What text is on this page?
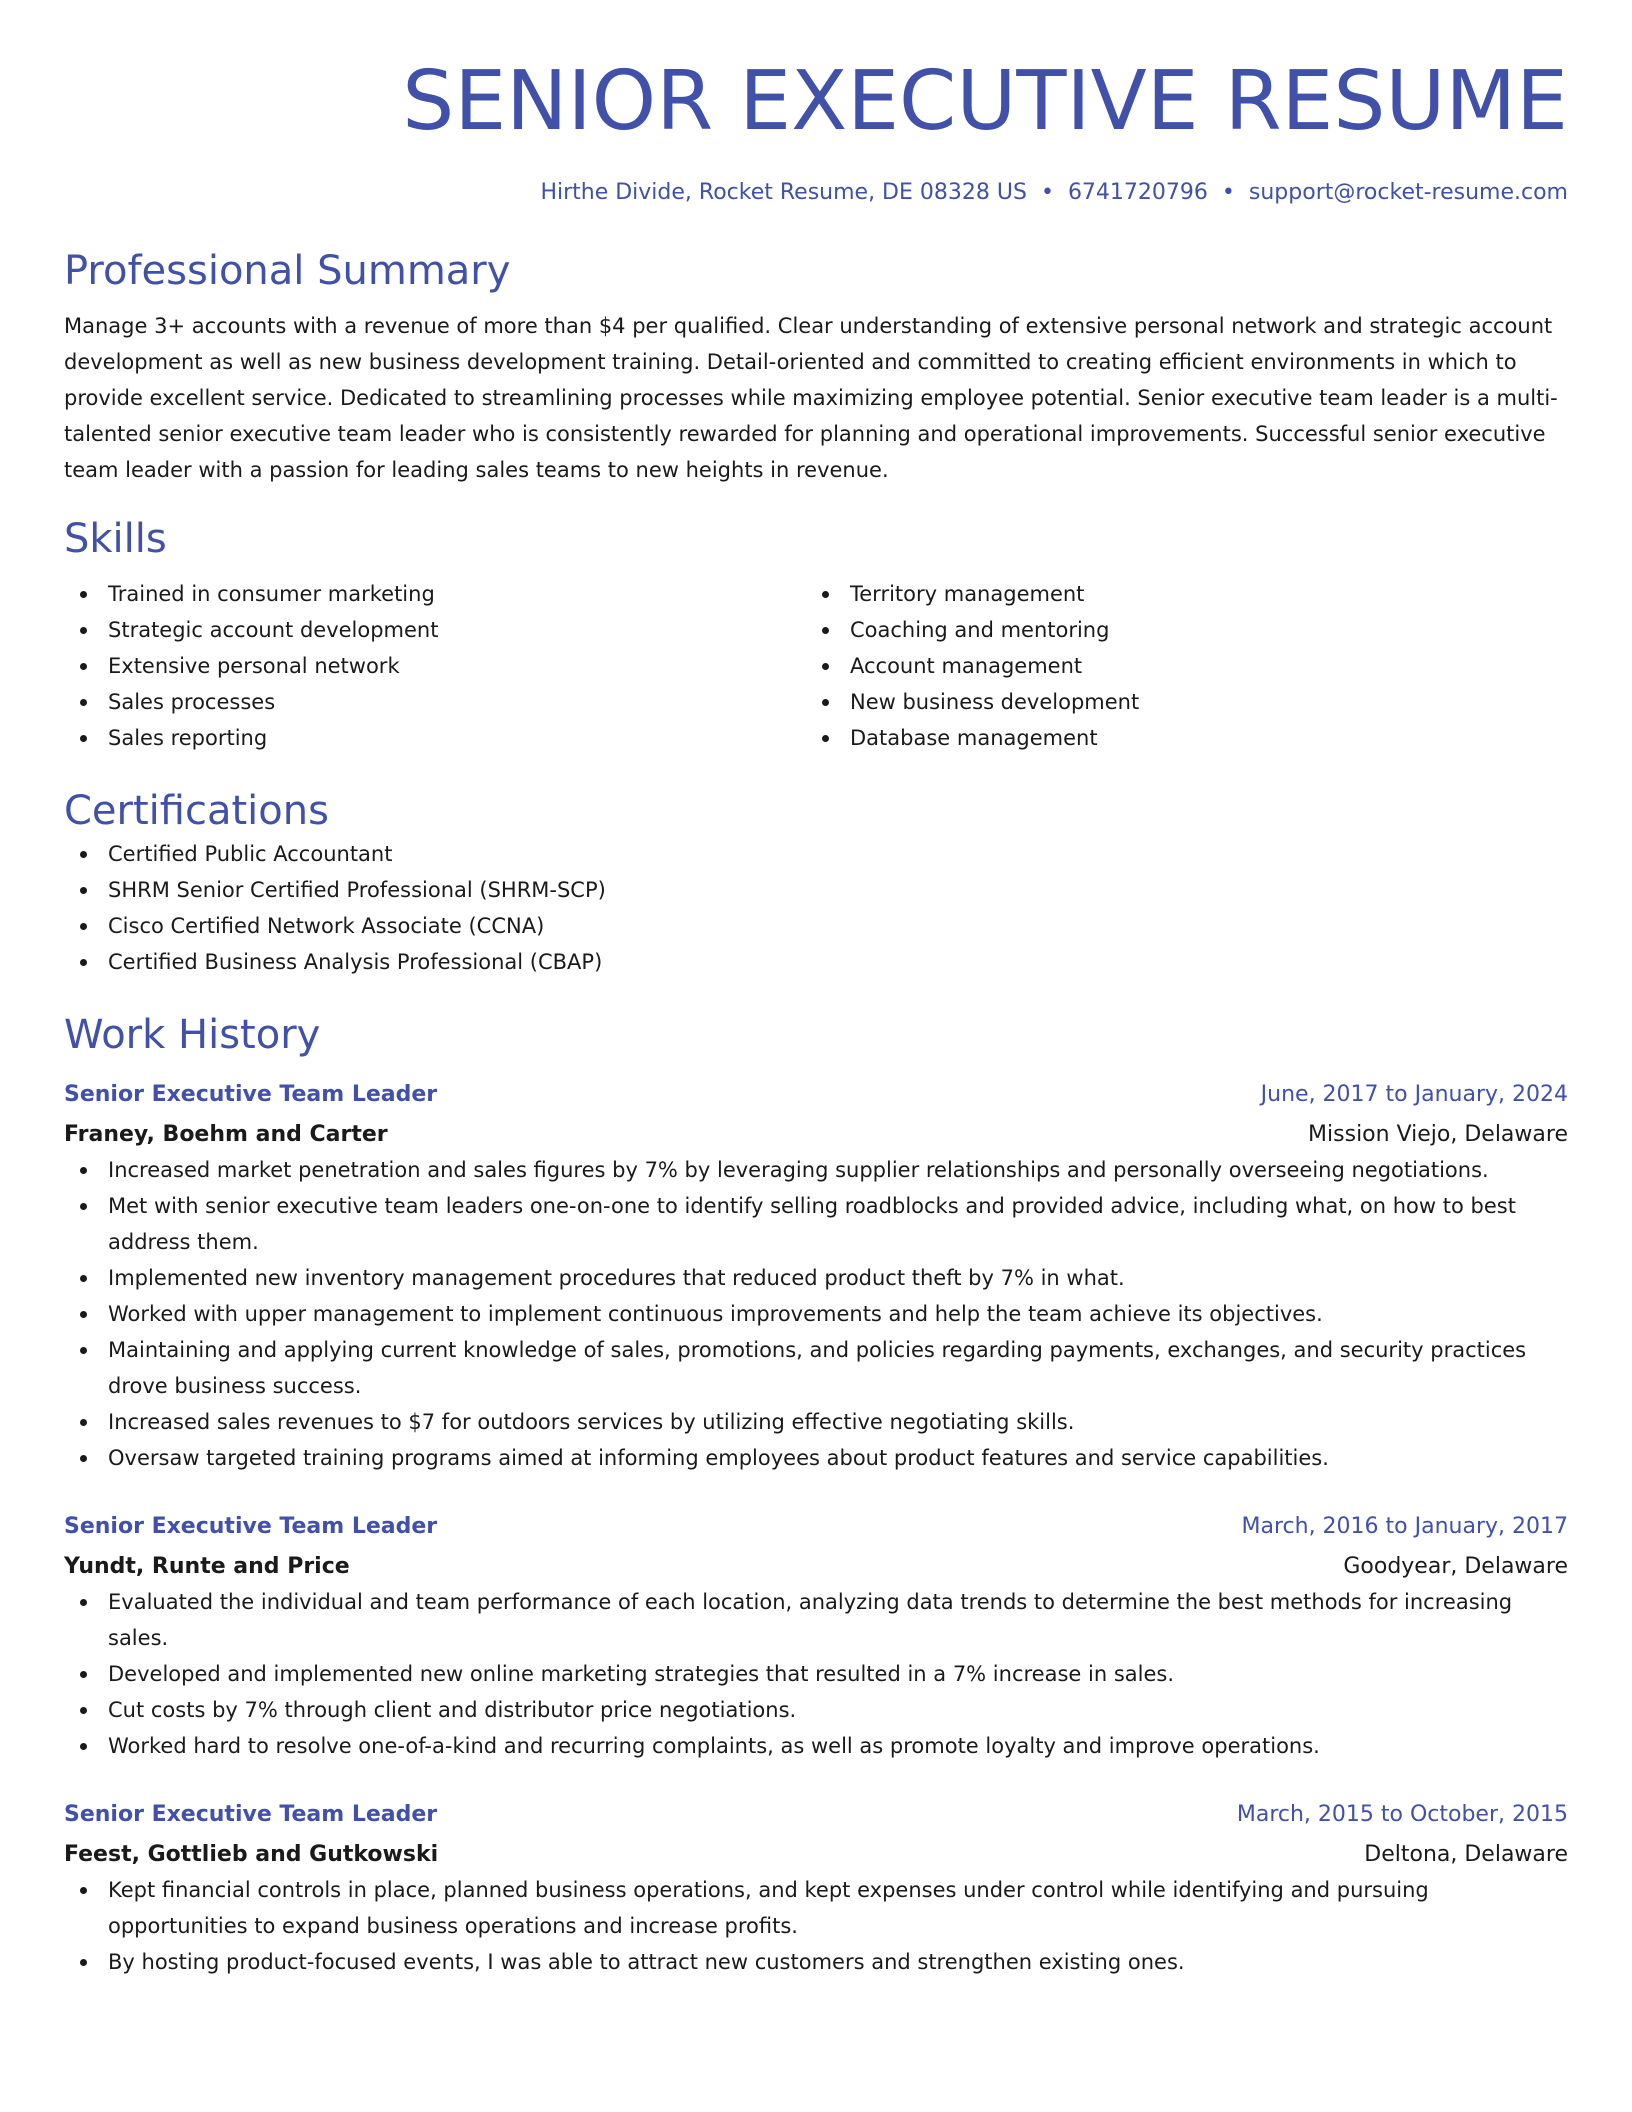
SENIOR EXECUTIVE RESUME
Hirthe Divide, Rocket Resume, DE 08328 US • 6741720796 • support@rocket-resume.com
Professional Summary
Manage 3+ accounts with a revenue of more than $4 per qualified. Clear understanding of extensive personal network and strategic account development as well as new business development training. Detail-oriented and committed to creating efficient environments in which to provide excellent service. Dedicated to streamlining processes while maximizing employee potential. Senior executive team leader is a multi-talented senior executive team leader who is consistently rewarded for planning and operational improvements. Successful senior executive team leader with a passion for leading sales teams to new heights in revenue.
Skills
Trained in consumer marketing
Strategic account development
Extensive personal network
Sales processes
Sales reporting
Territory management
Coaching and mentoring
Account management
New business development
Database management
Certifications
Certified Public Accountant
SHRM Senior Certified Professional (SHRM-SCP)
Cisco Certified Network Associate (CCNA)
Certified Business Analysis Professional (CBAP)
Work History
Senior Executive Team Leader	June, 2017 to January, 2024
Franey, Boehm and Carter	Mission Viejo, Delaware
Increased market penetration and sales figures by 7% by leveraging supplier relationships and personally overseeing negotiations.
Met with senior executive team leaders one-on-one to identify selling roadblocks and provided advice, including what, on how to best address them.
Implemented new inventory management procedures that reduced product theft by 7% in what.
Worked with upper management to implement continuous improvements and help the team achieve its objectives.
Maintaining and applying current knowledge of sales, promotions, and policies regarding payments, exchanges, and security practices drove business success.
Increased sales revenues to $7 for outdoors services by utilizing effective negotiating skills.
Oversaw targeted training programs aimed at informing employees about product features and service capabilities.
Senior Executive Team Leader	March, 2016 to January, 2017
Yundt, Runte and Price	Goodyear, Delaware
Evaluated the individual and team performance of each location, analyzing data trends to determine the best methods for increasing sales.
Developed and implemented new online marketing strategies that resulted in a 7% increase in sales.
Cut costs by 7% through client and distributor price negotiations.
Worked hard to resolve one-of-a-kind and recurring complaints, as well as promote loyalty and improve operations.
Senior Executive Team Leader	March, 2015 to October, 2015
Feest, Gottlieb and Gutkowski	Deltona, Delaware
Kept financial controls in place, planned business operations, and kept expenses under control while identifying and pursuing opportunities to expand business operations and increase profits.
By hosting product-focused events, I was able to attract new customers and strengthen existing ones.
